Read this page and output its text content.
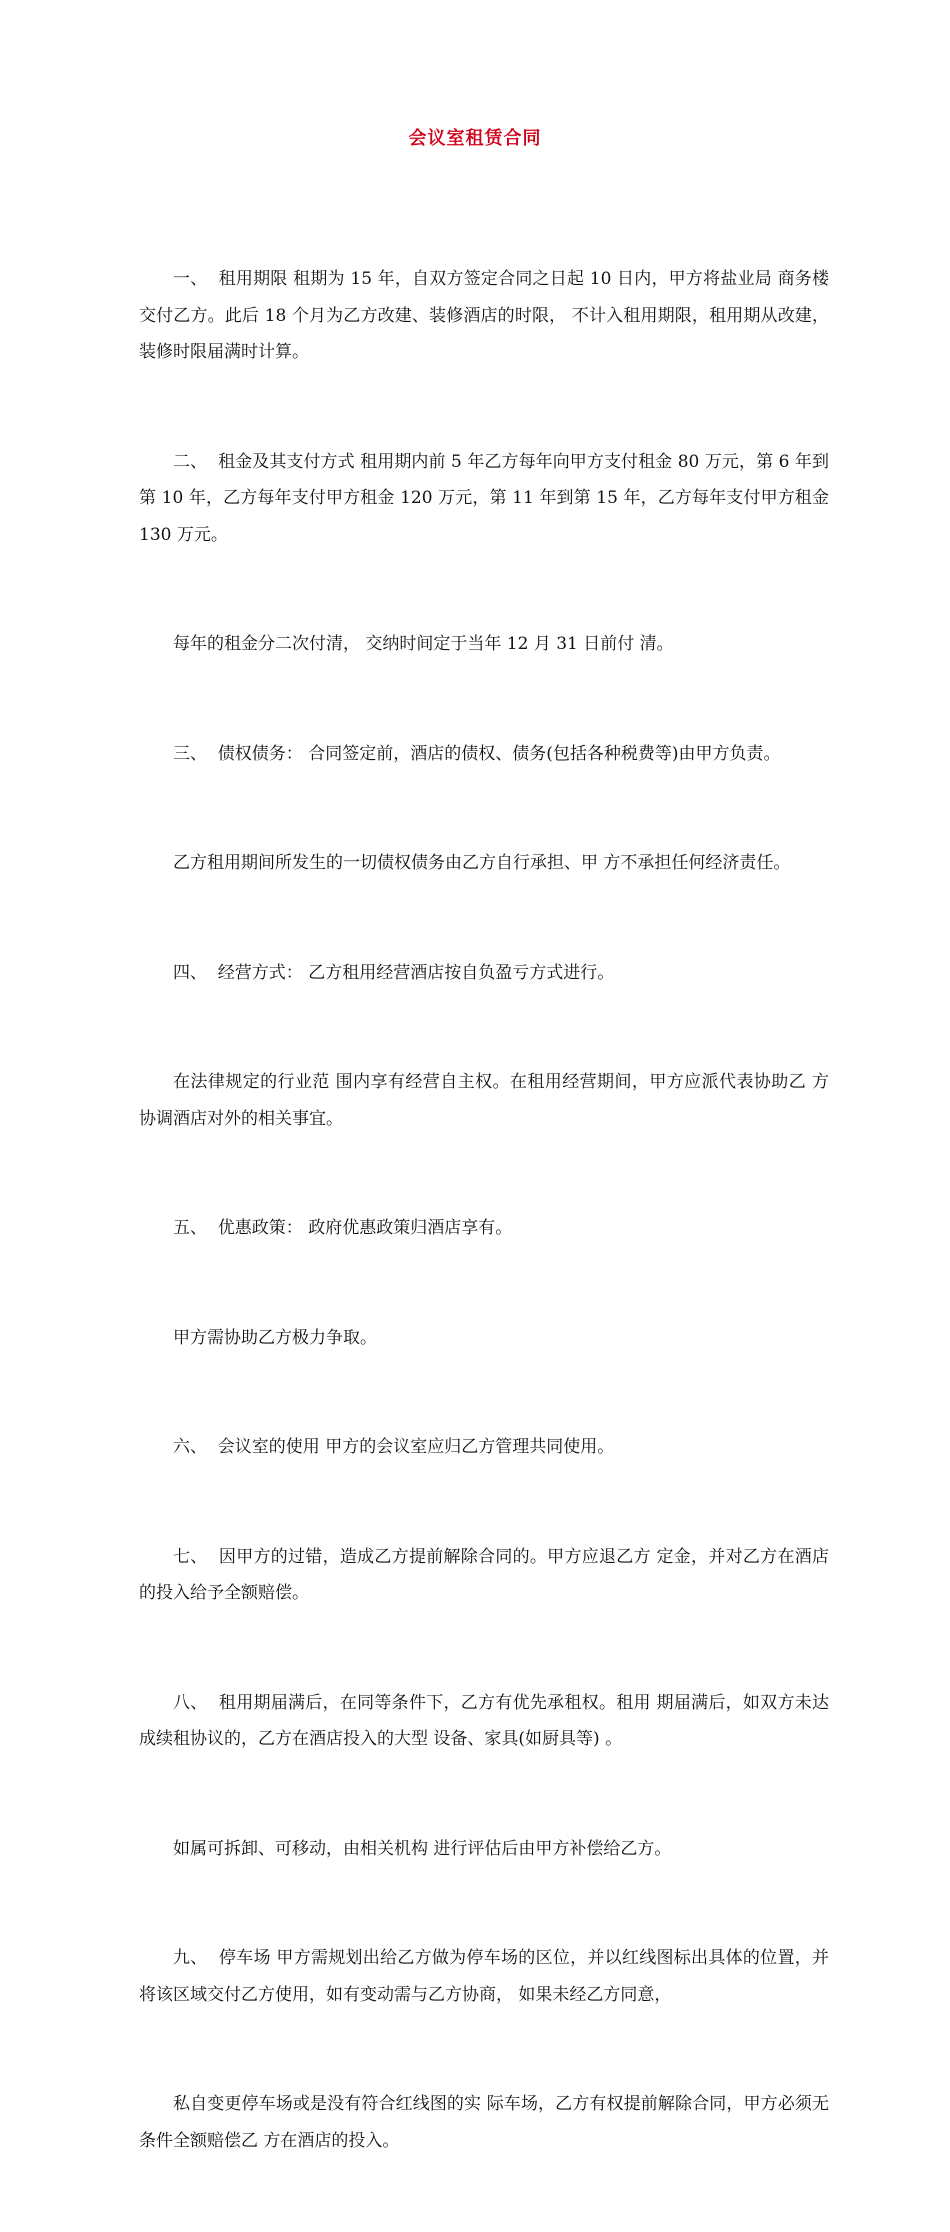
会议室租赁合同

一、  租用期限 租期为 15 年，自双方签定合同之日起 10 日内，甲方将盐业局 商务楼交付乙方。此后 18 个月为乙方改建、装修酒店的时限， 不计入租用期限，租用期从改建，装修时限届满时计算。

二、  租金及其支付方式 租用期内前 5 年乙方每年向甲方支付租金 80 万元，第 6 年到 第 10 年，乙方每年支付甲方租金 120 万元，第 11 年到第 15 年，乙方每年支付甲方租金 130 万元。

每年的租金分二次付清， 交纳时间定于当年 12 月 31 日前付 清。

三、  债权债务： 合同签定前，酒店的债权、债务(包括各种税费等)由甲方负责。

乙方租用期间所发生的一切债权债务由乙方自行承担、甲 方不承担任何经济责任。

四、  经营方式： 乙方租用经营酒店按自负盈亏方式进行。

在法律规定的行业范 围内享有经营自主权。在租用经营期间，甲方应派代表协助乙 方协调酒店对外的相关事宜。

五、  优惠政策： 政府优惠政策归酒店享有。

甲方需协助乙方极力争取。

六、  会议室的使用 甲方的会议室应归乙方管理共同使用。

七、  因甲方的过错，造成乙方提前解除合同的。甲方应退乙方 定金，并对乙方在酒店的投入给予全额赔偿。

八、  租用期届满后，在同等条件下，乙方有优先承租权。租用 期届满后，如双方未达成续租协议的，乙方在酒店投入的大型 设备、家具(如厨具等) 。

如属可拆卸、可移动，由相关机构 进行评估后由甲方补偿给乙方。

九、  停车场 甲方需规划出给乙方做为停车场的区位，并以红线图标出具体的位置，并将该区域交付乙方使用，如有变动需与乙方协商， 如果未经乙方同意，

私自变更停车场或是没有符合红线图的实 际车场，乙方有权提前解除合同，甲方必须无条件全额赔偿乙 方在酒店的投入。
